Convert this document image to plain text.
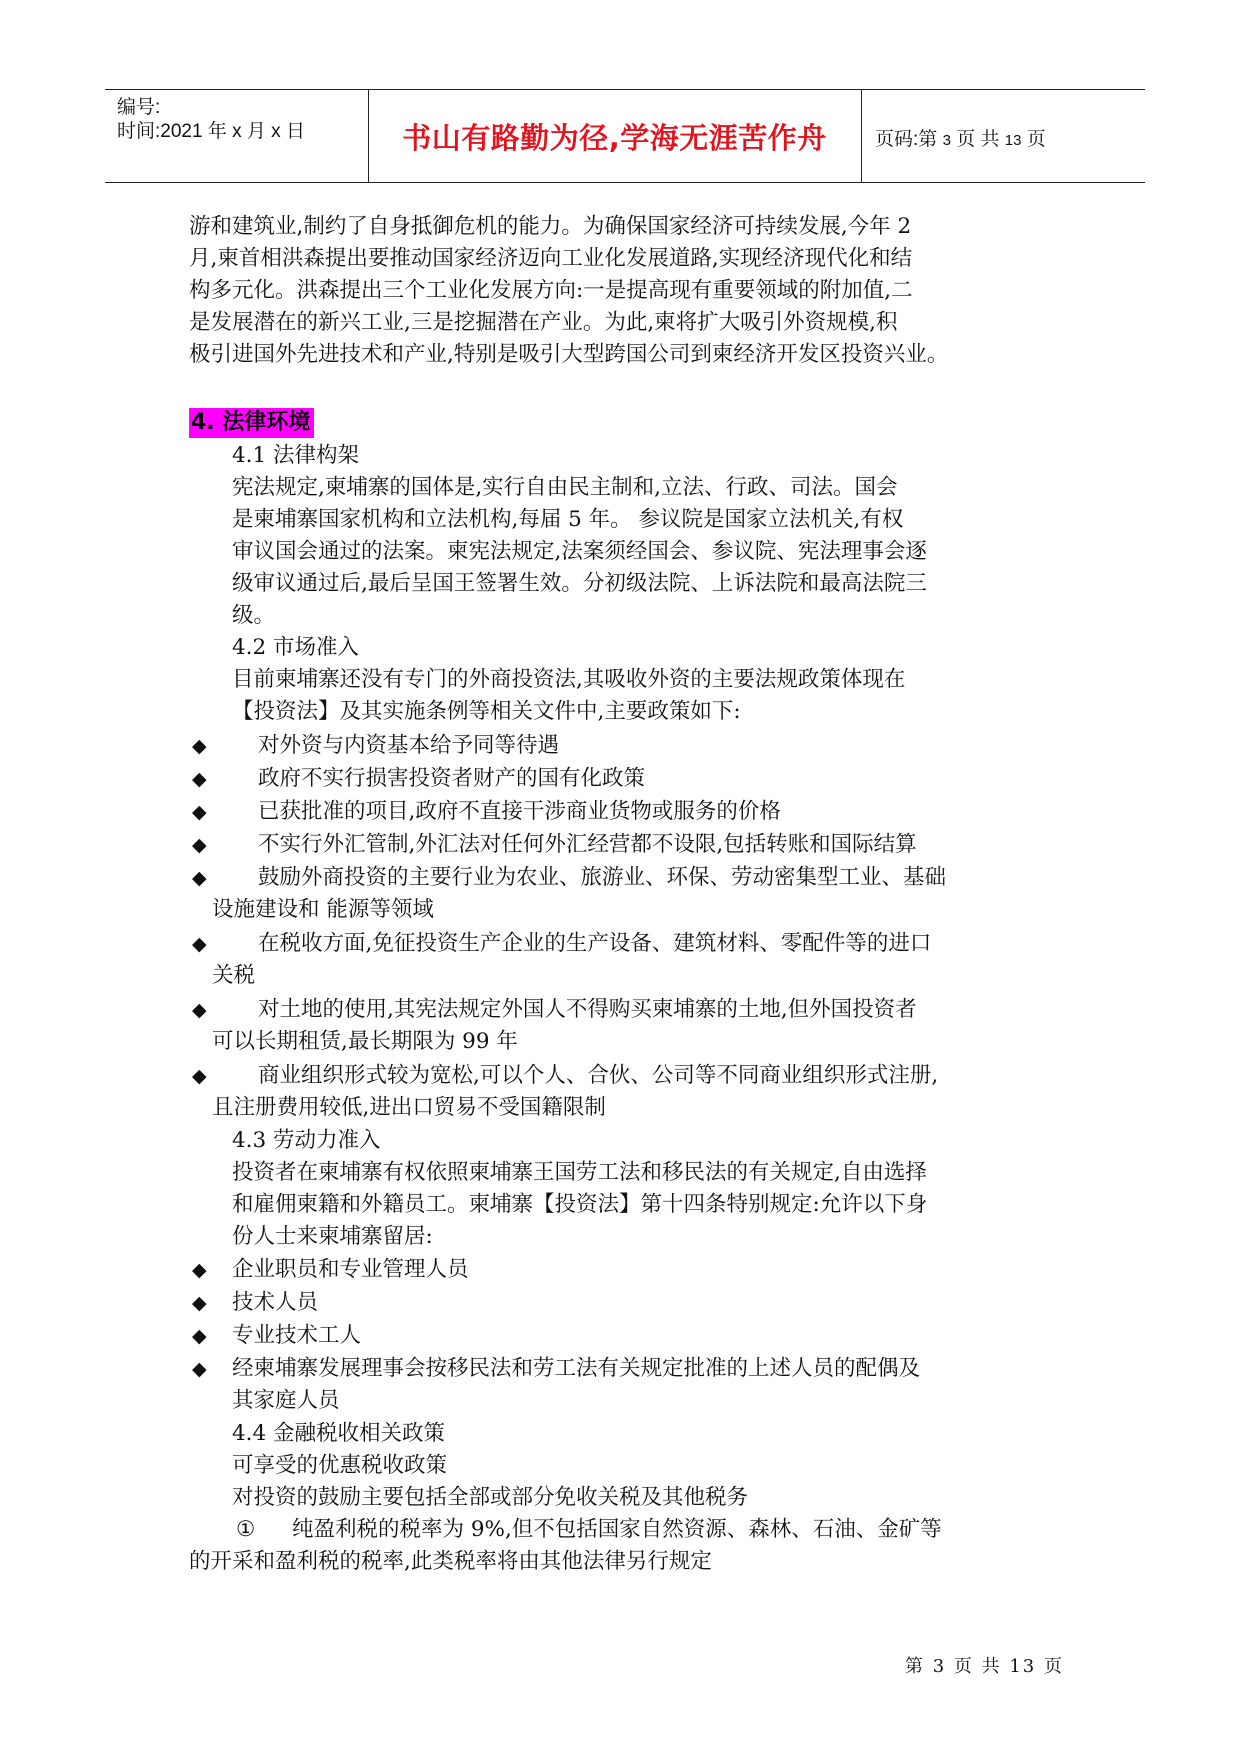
编号:
时间:2021 年 x 月 x 日	书山有路勤为径,学海无涯苦作舟	页码:第 3 页 共 13 页
游和建筑业,制约了自身抵御危机的能力。为确保国家经济可持续发展,今年 2
月,柬首相洪森提出要推动国家经济迈向工业化发展道路,实现经济现代化和结
构多元化。洪森提出三个工业化发展方向:一是提高现有重要领域的附加值,二
是发展潜在的新兴工业,三是挖掘潜在产业。为此,柬将扩大吸引外资规模,积
极引进国外先进技术和产业,特别是吸引大型跨国公司到柬经济开发区投资兴业。
4. 法律环境
4.1 法律构架
宪法规定,柬埔寨的国体是,实行自由民主制和,立法、行政、司法。国会
是柬埔寨国家机构和立法机构,每届 5 年。 参议院是国家立法机关,有权
审议国会通过的法案。柬宪法规定,法案须经国会、参议院、宪法理事会逐
级审议通过后,最后呈国王签署生效。分初级法院、上诉法院和最高法院三
级。
4.2 市场准入
目前柬埔寨还没有专门的外商投资法,其吸收外资的主要法规政策体现在
【投资法】及其实施条例等相关文件中,主要政策如下:
◆ 对外资与内资基本给予同等待遇
◆ 政府不实行损害投资者财产的国有化政策
◆ 已获批准的项目,政府不直接干涉商业货物或服务的价格
◆ 不实行外汇管制,外汇法对任何外汇经营都不设限,包括转账和国际结算
◆ 鼓励外商投资的主要行业为农业、旅游业、环保、劳动密集型工业、基础
设施建设和 能源等领域
◆ 在税收方面,免征投资生产企业的生产设备、建筑材料、零配件等的进口
关税
◆ 对土地的使用,其宪法规定外国人不得购买柬埔寨的土地,但外国投资者
可以长期租赁,最长期限为 99 年
◆ 商业组织形式较为宽松,可以个人、合伙、公司等不同商业组织形式注册,
且注册费用较低,进出口贸易不受国籍限制
4.3 劳动力准入
投资者在柬埔寨有权依照柬埔寨王国劳工法和移民法的有关规定,自由选择
和雇佣柬籍和外籍员工。柬埔寨【投资法】第十四条特别规定:允许以下身
份人士来柬埔寨留居:
◆ 企业职员和专业管理人员
◆ 技术人员
◆ 专业技术工人
◆ 经柬埔寨发展理事会按移民法和劳工法有关规定批准的上述人员的配偶及
其家庭人员
4.4 金融税收相关政策
可享受的优惠税收政策
对投资的鼓励主要包括全部或部分免收关税及其他税务
① 纯盈利税的税率为 9%,但不包括国家自然资源、森林、石油、金矿等
的开采和盈利税的税率,此类税率将由其他法律另行规定
第 3 页 共 13 页
